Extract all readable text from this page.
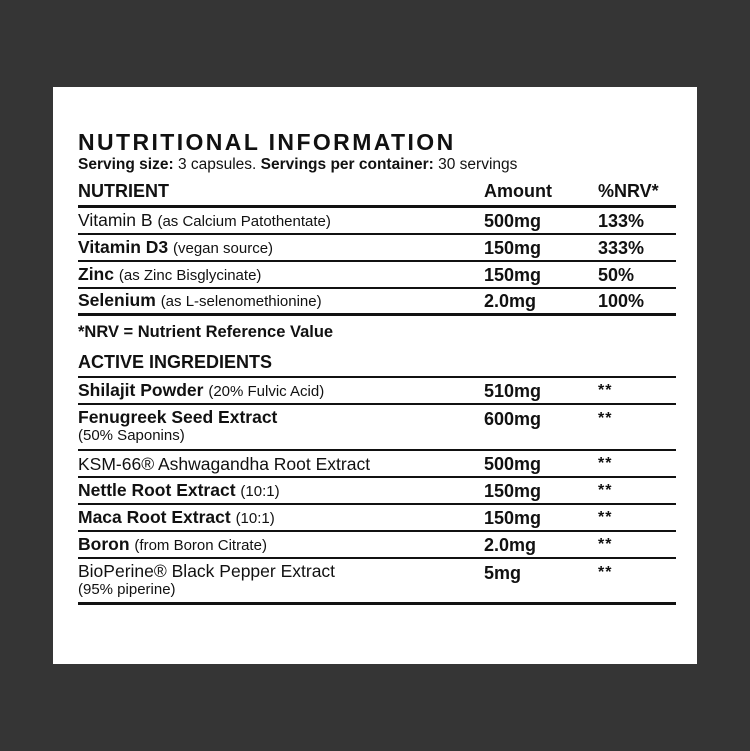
NUTRITIONAL INFORMATION
Serving size: 3 capsules. Servings per container: 30 servings
NUTRIENT	Amount	%NRV*
Vitamin B (as Calcium Patothentate)	500mg	133%
Vitamin D3 (vegan source)	150mg	333%
Zinc (as Zinc Bisglycinate)	150mg	50%
Selenium (as L-selenomethionine)	2.0mg	100%
*NRV = Nutrient Reference Value
ACTIVE INGREDIENTS
Shilajit Powder (20% Fulvic Acid)	510mg	**
Fenugreek Seed Extract
(50% Saponins)
600mg	**
KSM-66® Ashwagandha Root Extract	500mg	**
Nettle Root Extract (10:1)	150mg	**
Maca Root Extract (10:1)	150mg	**
Boron (from Boron Citrate)	2.0mg	**
BioPerine® Black Pepper Extract
(95% piperine)
5mg	**
